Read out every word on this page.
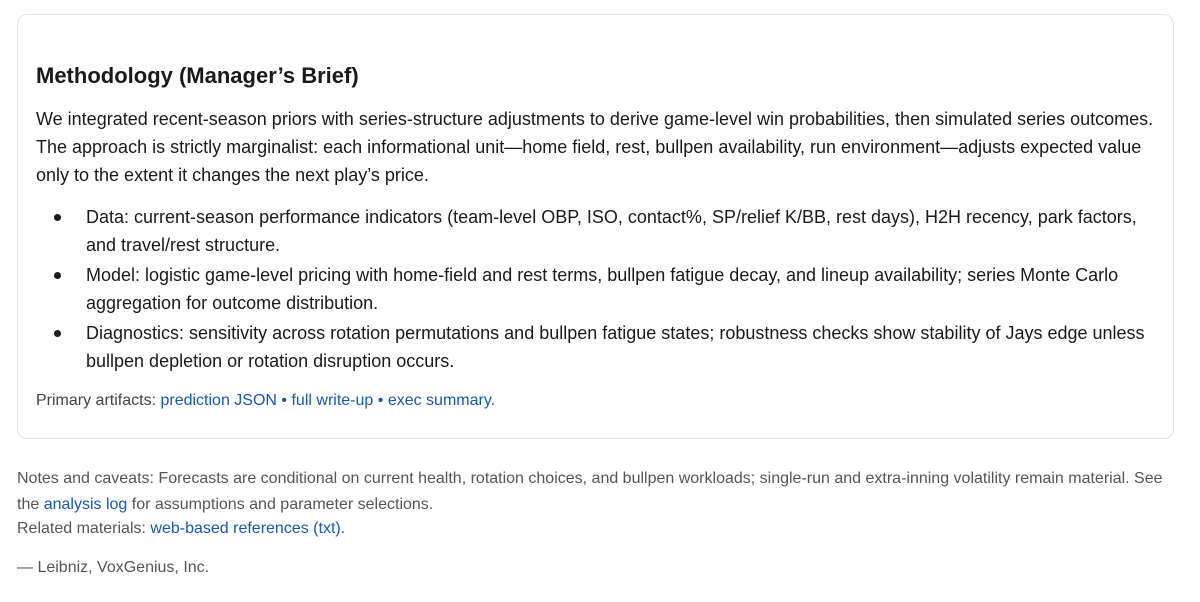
Methodology (Manager’s Brief)

We integrated recent-season priors with series-structure adjustments to derive game-level win probabilities, then simulated series outcomes. The approach is strictly marginalist: each informational unit—home field, rest, bullpen availability, run environment—adjusts expected value only to the extent it changes the next play’s price.

Data: current-season performance indicators (team-level OBP, ISO, contact%, SP/relief K/BB, rest days), H2H recency, park factors, and travel/rest structure.
Model: logistic game-level pricing with home-field and rest terms, bullpen fatigue decay, and lineup availability; series Monte Carlo aggregation for outcome distribution.
Diagnostics: sensitivity across rotation permutations and bullpen fatigue states; robustness checks show stability of Jays edge unless bullpen depletion or rotation disruption occurs.

Primary artifacts: prediction JSON • full write-up • exec summary.

Notes and caveats: Forecasts are conditional on current health, rotation choices, and bullpen workloads; single-run and extra-inning volatility remain material. See the analysis log for assumptions and parameter selections.

Related materials: web-based references (txt).

— Leibniz, VoxGenius, Inc.
